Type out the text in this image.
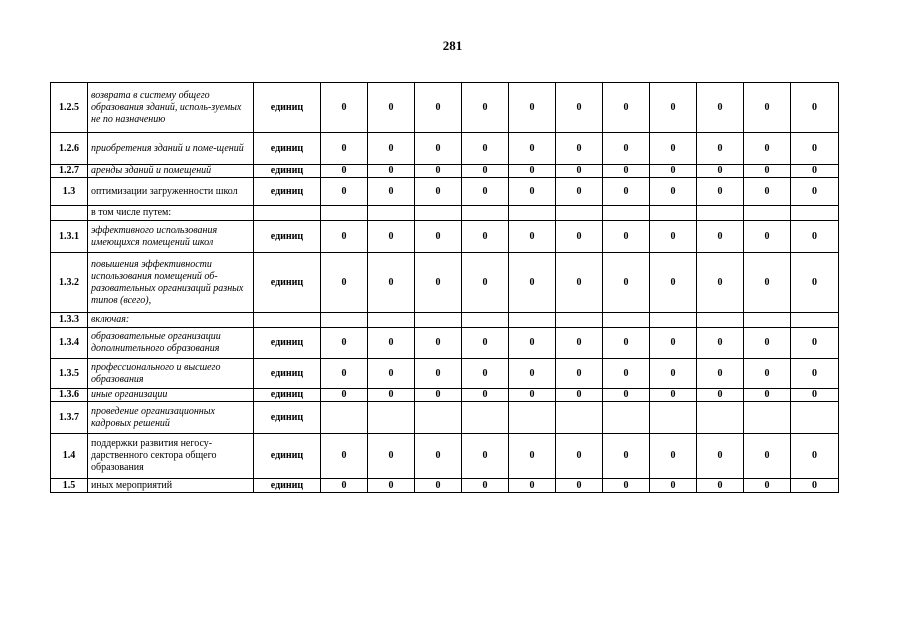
281
1.2.5	возврата в систему общего образования зданий, исполь-зуемых не по назначению	единиц	0	0	0	0	0	0	0	0	0	0	0
1.2.6	приобретения зданий и поме-щений	единиц	0	0	0	0	0	0	0	0	0	0	0
1.2.7	аренды зданий и помещений	единиц	0	0	0	0	0	0	0	0	0	0	0
1.3	оптимизации загруженности школ	единиц	0	0	0	0	0	0	0	0	0	0	0
	в том числе путем:												
1.3.1	эффективного использования имеющихся помещений школ	единиц	0	0	0	0	0	0	0	0	0	0	0
1.3.2	повышения эффективности использования помещений об-разовательных организаций разных типов (всего),	единиц	0	0	0	0	0	0	0	0	0	0	0
1.3.3	включая:												
1.3.4	образовательные организации дополнительного образования	единиц	0	0	0	0	0	0	0	0	0	0	0
1.3.5	профессионального и высшего образования	единиц	0	0	0	0	0	0	0	0	0	0	0
1.3.6	иные организации	единиц	0	0	0	0	0	0	0	0	0	0	0
1.3.7	проведение организационных кадровых решений	единиц											
1.4	поддержки развития негосу-дарственного сектора общего образования	единиц	0	0	0	0	0	0	0	0	0	0	0
1.5	иных мероприятий	единиц	0	0	0	0	0	0	0	0	0	0	0
